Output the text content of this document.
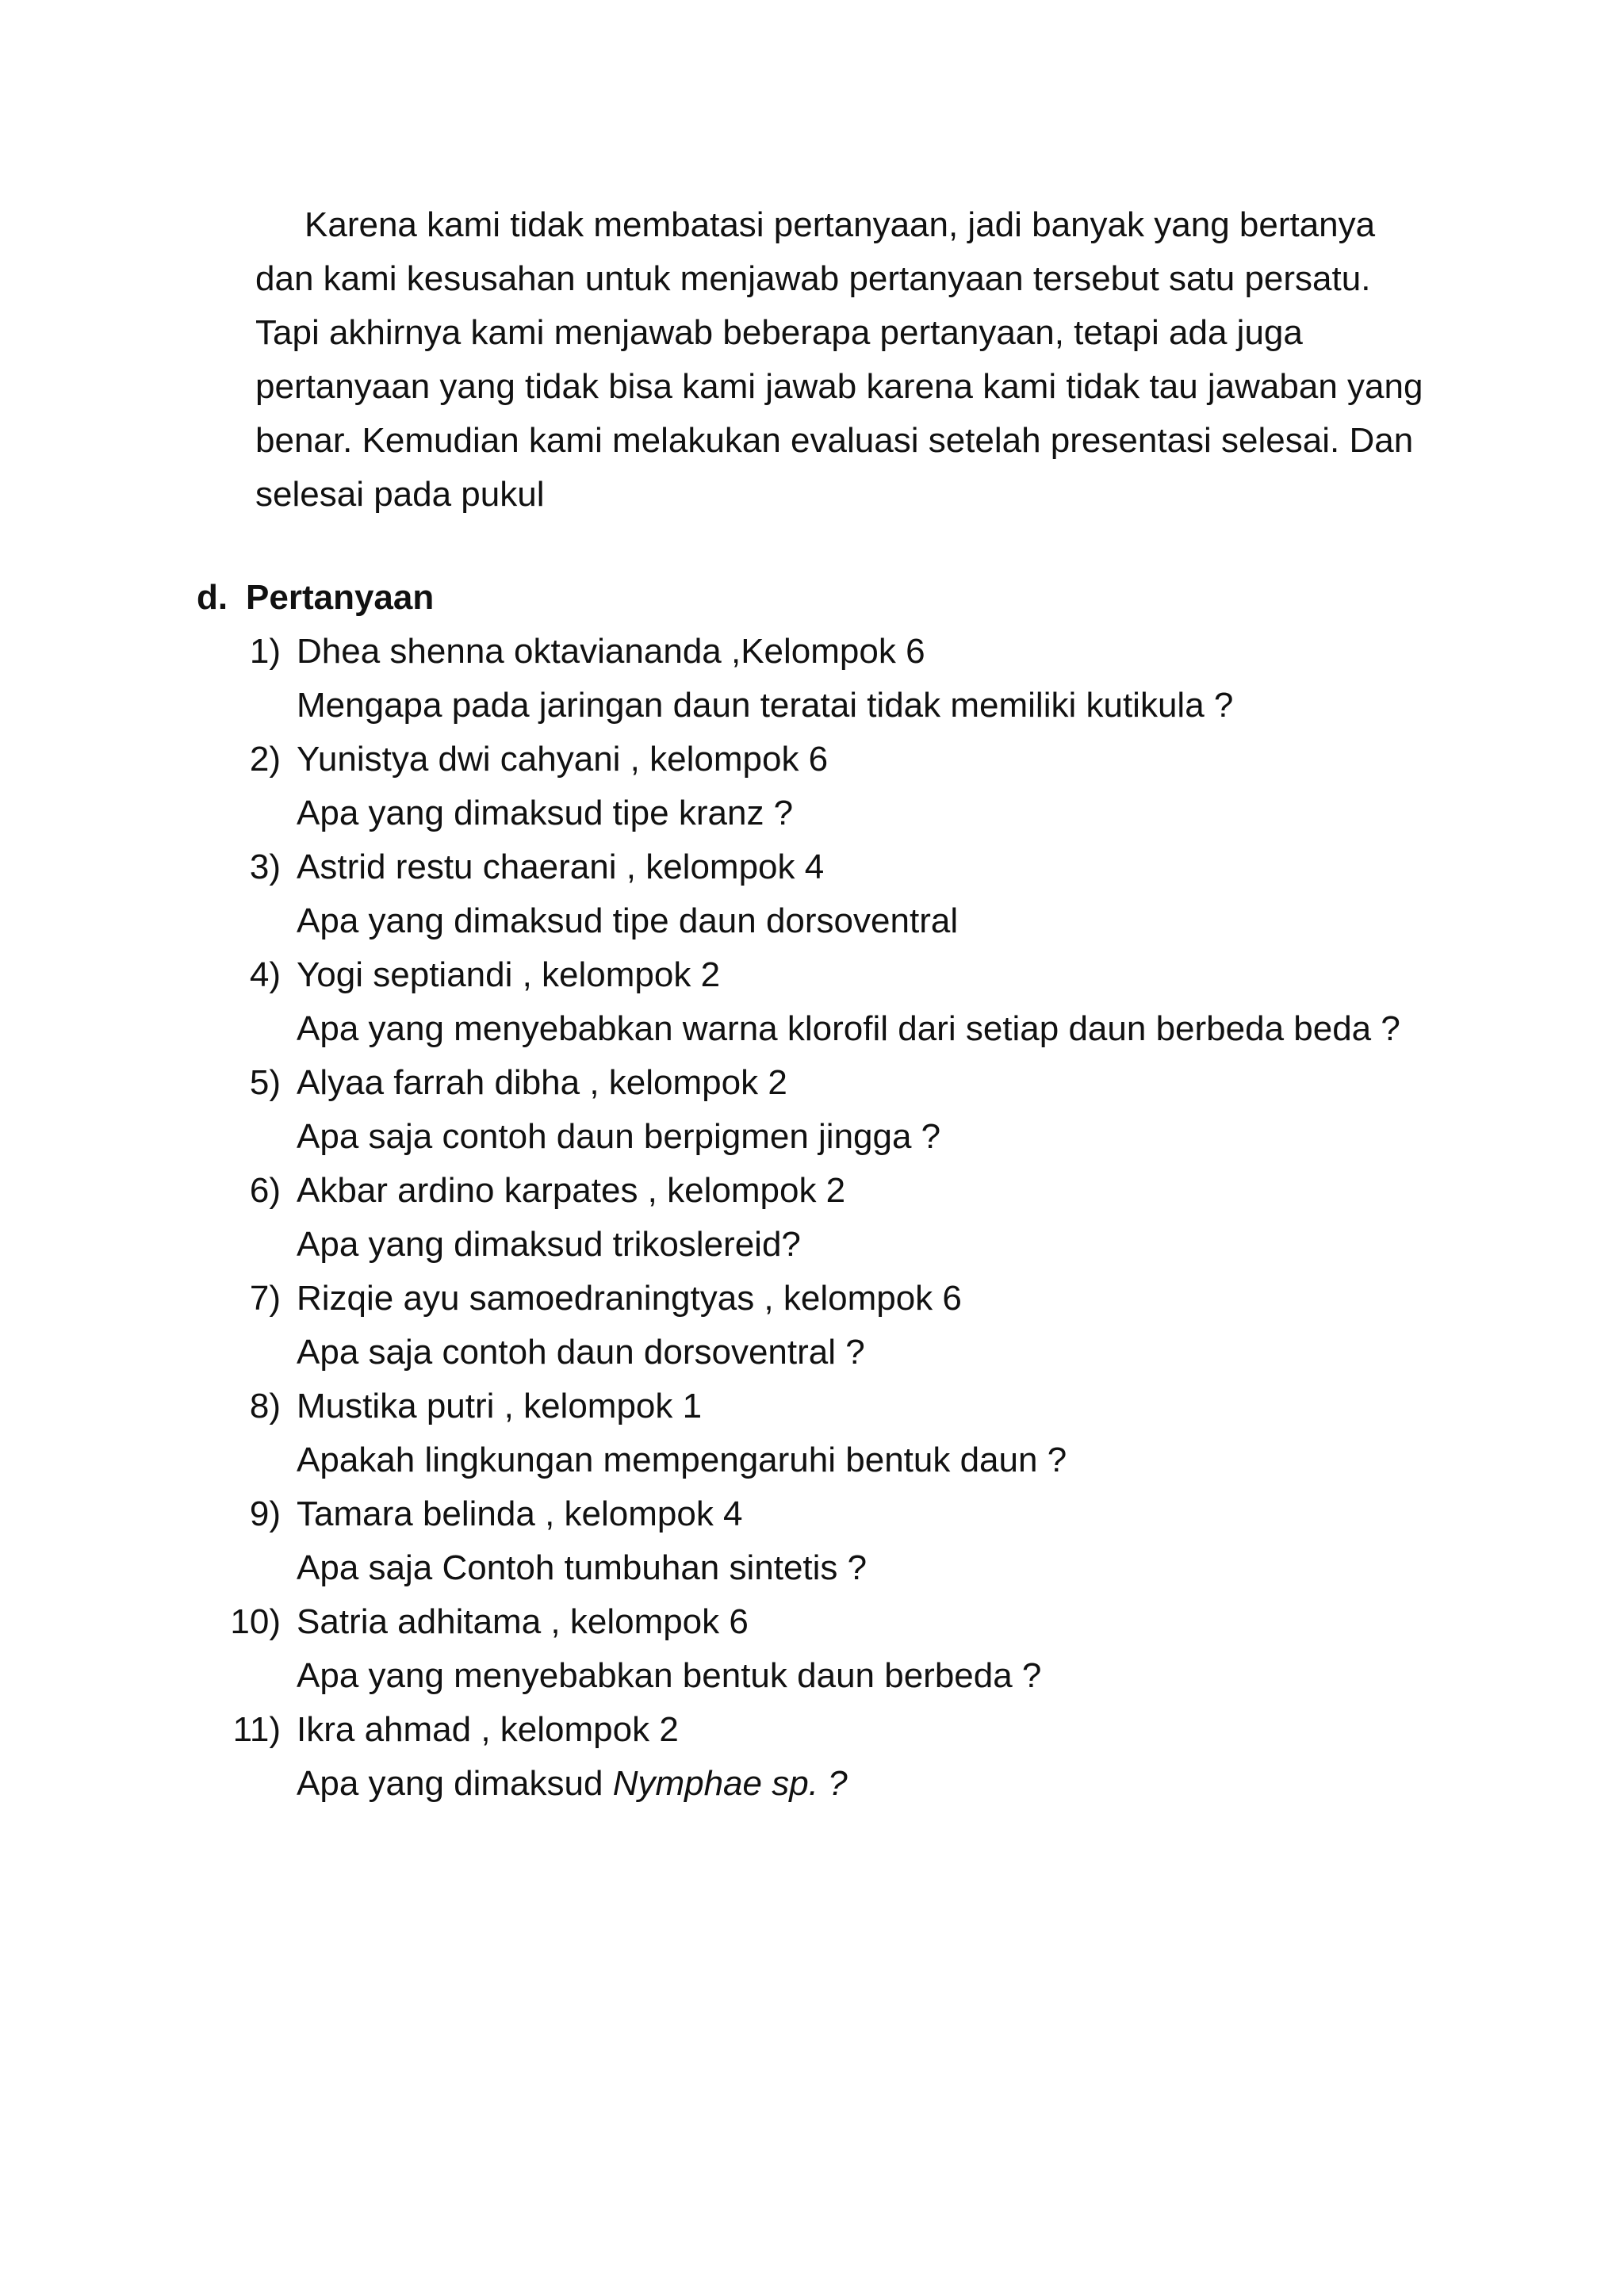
Karena kami tidak membatasi pertanyaan, jadi banyak yang bertanya
dan kami kesusahan untuk menjawab pertanyaan tersebut satu persatu.
Tapi akhirnya kami menjawab beberapa pertanyaan, tetapi ada juga
pertanyaan yang tidak bisa kami jawab karena kami tidak tau jawaban yang
benar. Kemudian kami melakukan evaluasi setelah presentasi selesai. Dan
selesai pada pukul
d. Pertanyaan
1) Dhea shenna oktaviananda ,Kelompok 6
Mengapa pada jaringan daun teratai tidak memiliki kutikula ?
2) Yunistya dwi cahyani , kelompok 6
Apa yang dimaksud tipe kranz ?
3) Astrid restu chaerani , kelompok 4
Apa yang dimaksud tipe daun dorsoventral
4) Yogi septiandi , kelompok 2
Apa yang menyebabkan warna klorofil dari setiap daun berbeda beda ?
5) Alyaa farrah dibha , kelompok 2
Apa saja contoh daun berpigmen jingga ?
6) Akbar ardino karpates , kelompok 2
Apa yang dimaksud trikoslereid?
7) Rizqie ayu samoedraningtyas , kelompok 6
Apa saja contoh daun dorsoventral ?
8) Mustika putri , kelompok 1
Apakah lingkungan mempengaruhi bentuk daun ?
9) Tamara belinda , kelompok 4
Apa saja Contoh tumbuhan sintetis ?
10) Satria adhitama , kelompok 6
Apa yang menyebabkan bentuk daun berbeda ?
11) Ikra ahmad , kelompok 2
Apa yang dimaksud Nymphae sp. ?
